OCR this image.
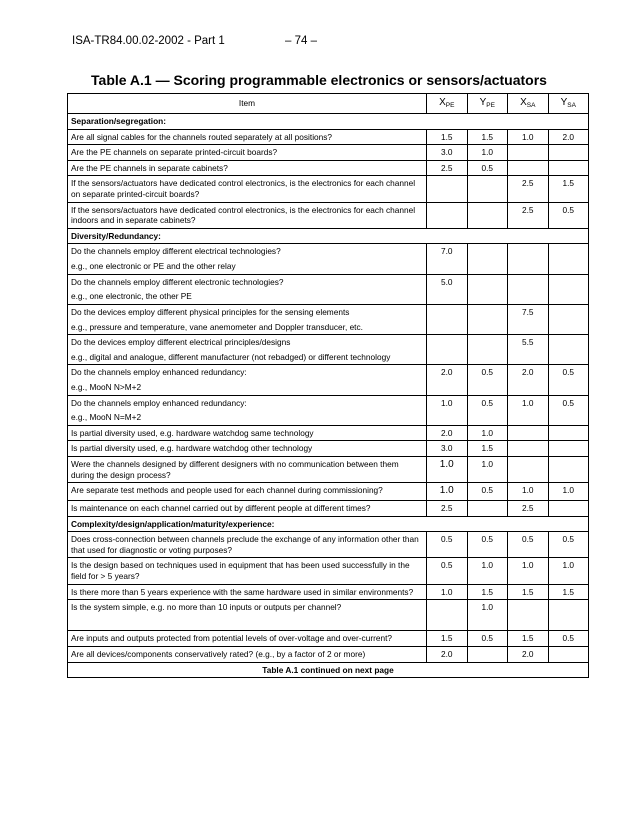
ISA-TR84.00.02-2002 - Part 1	– 74 –
Table A.1 — Scoring programmable electronics or sensors/actuators
Item	$X_{PE}$	$Y_{PE}$	$X_{SA}$	$Y_{SA}$
Separation/segregation:				
Are all signal cables for the channels routed separately at all positions?	1.5	1.5	1.0	2.0
Are the PE channels on separate printed-circuit boards?	3.0	1.0		
Are the PE channels in separate cabinets?	2.5	0.5		
If the sensors/actuators have dedicated control electronics, is the electronics for each channel on separate printed-circuit boards?			2.5	1.5
If the sensors/actuators have dedicated control electronics, is the electronics for each channel indoors and in separate cabinets?			2.5	0.5
Diversity/Redundancy:				
Do the channels employ different electrical technologies?
e.g., one electronic or PE and the other relay	7.0			
Do the channels employ different electronic technologies?
e.g., one electronic, the other PE	5.0			
Do the devices employ different physical principles for the sensing elements
e.g., pressure and temperature, vane anemometer and Doppler transducer, etc.			7.5	
Do the devices employ different electrical principles/designs
e.g., digital and analogue, different manufacturer (not rebadged) or different technology			5.5	
Do the channels employ enhanced redundancy:
e.g., MooN N>M+2	2.0	0.5	2.0	0.5
Do the channels employ enhanced redundancy:
e.g., MooN N=M+2	1.0	0.5	1.0	0.5
Is partial diversity used, e.g. hardware watchdog same technology	2.0	1.0		
Is partial diversity used, e.g. hardware watchdog other technology	3.0	1.5		
Were the channels designed by different designers with no communication between them during the design process?	1.0	1.0		
Are separate test methods and people used for each channel during commissioning?	1.0	0.5	1.0	1.0
Is maintenance on each channel carried out by different people at different times?	2.5		2.5	
Complexity/design/application/maturity/experience:				
Does cross-connection between channels preclude the exchange of any information other than that used for diagnostic or voting purposes?	0.5	0.5	0.5	0.5
Is the design based on techniques used in equipment that has been used successfully in the field for > 5 years?	0.5	1.0	1.0	1.0
Is there more than 5 years experience with the same hardware used in similar environments?	1.0	1.5	1.5	1.5
Is the system simple, e.g. no more than 10 inputs or outputs per channel?		1.0		
Are inputs and outputs protected from potential levels of over-voltage and over-current?	1.5	0.5	1.5	0.5
Are all devices/components conservatively rated? (e.g., by a factor of 2 or more)	2.0		2.0	
Table A.1 continued on next page				
